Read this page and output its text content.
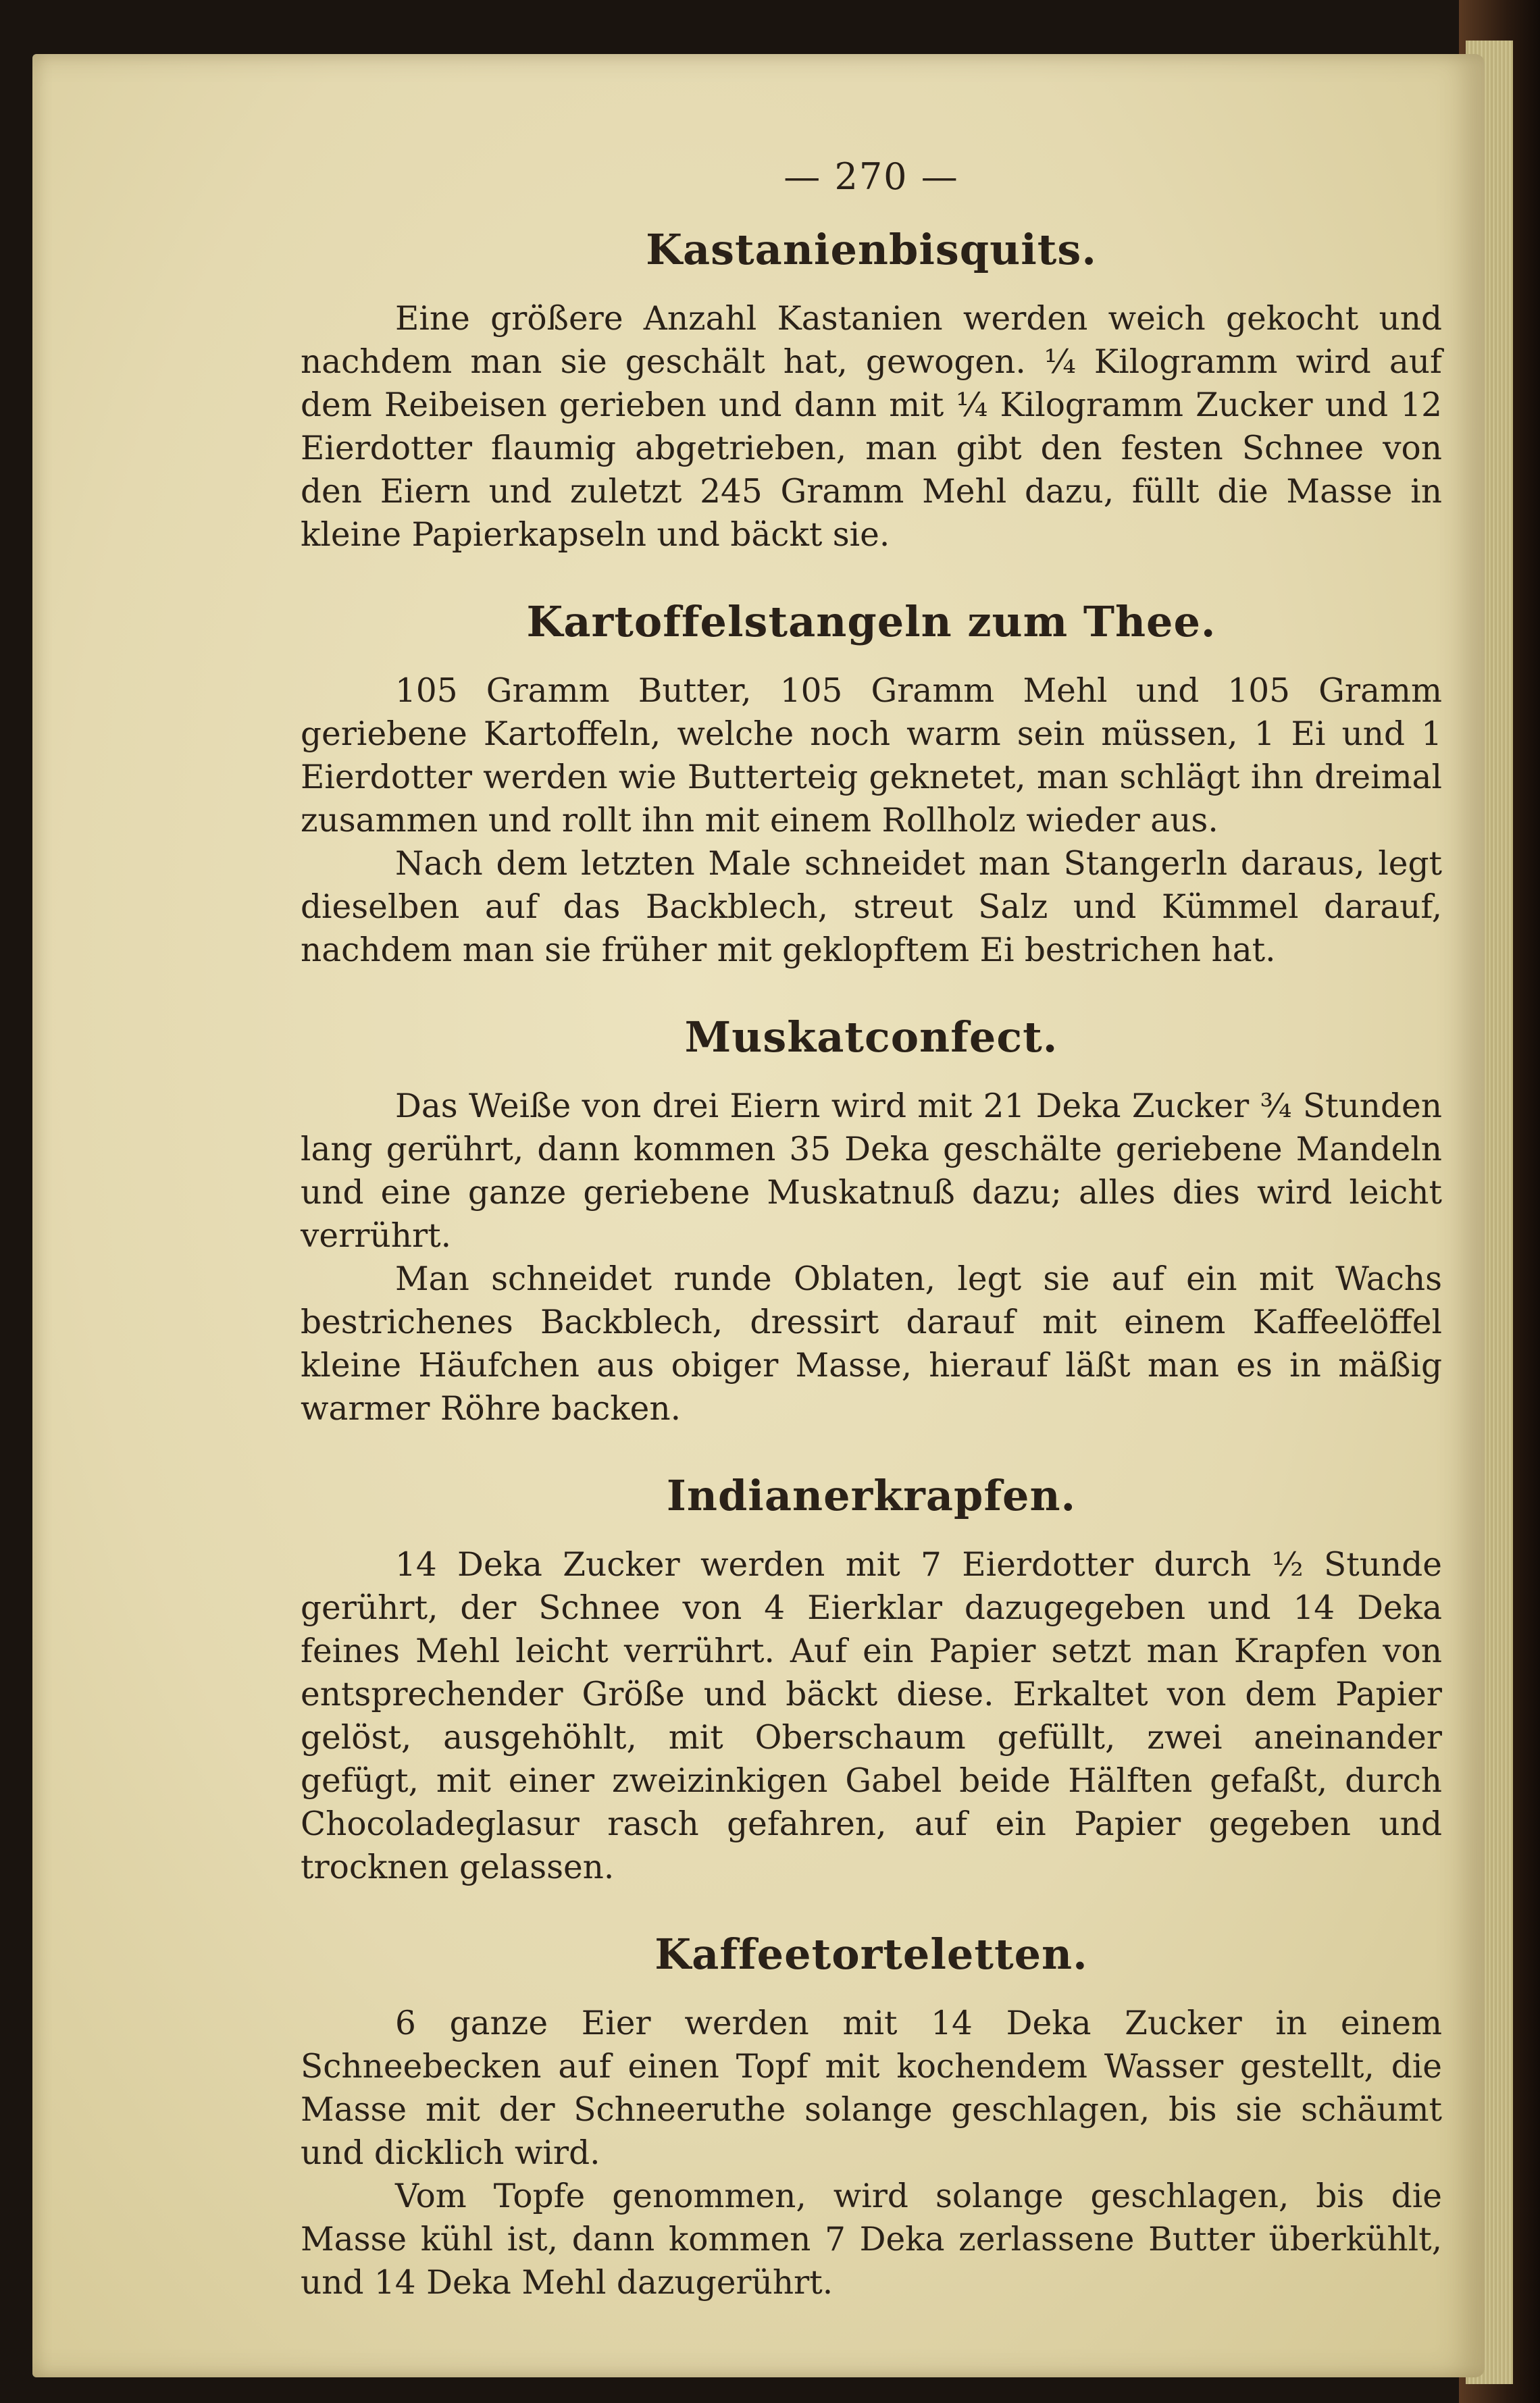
— 270 —
Kastanienbisquits.

Eine größere Anzahl Kastanien werden weich gekocht und nachdem man sie geschält hat, gewogen. ¼ Kilogramm wird auf dem Reibeisen gerieben und dann mit ¼ Kilogramm Zucker und 12 Eierdotter flaumig abgetrieben, man gibt den festen Schnee von den Eiern und zuletzt 245 Gramm Mehl dazu, füllt die Masse in kleine Papierkapseln und bäckt sie.

Kartoffelstangeln zum Thee.

105 Gramm Butter, 105 Gramm Mehl und 105 Gramm geriebene Kartoffeln, welche noch warm sein müssen, 1 Ei und 1 Eierdotter werden wie Butterteig geknetet, man schlägt ihn dreimal zusammen und rollt ihn mit einem Rollholz wieder aus.

Nach dem letzten Male schneidet man Stangerln daraus, legt dieselben auf das Backblech, streut Salz und Kümmel darauf, nachdem man sie früher mit geklopftem Ei bestrichen hat.

Muskatconfect.

Das Weiße von drei Eiern wird mit 21 Deka Zucker ¾ Stunden lang gerührt, dann kommen 35 Deka geschälte geriebene Mandeln und eine ganze geriebene Muskatnuß dazu; alles dies wird leicht verrührt.

Man schneidet runde Oblaten, legt sie auf ein mit Wachs bestrichenes Backblech, dressirt darauf mit einem Kaffeelöffel kleine Häufchen aus obiger Masse, hierauf läßt man es in mäßig warmer Röhre backen.

Indianerkrapfen.

14 Deka Zucker werden mit 7 Eierdotter durch ½ Stunde gerührt, der Schnee von 4 Eierklar dazugegeben und 14 Deka feines Mehl leicht verrührt. Auf ein Papier setzt man Krapfen von entsprechender Größe und bäckt diese. Erkaltet von dem Papier gelöst, ausgehöhlt, mit Oberschaum gefüllt, zwei aneinander gefügt, mit einer zweizinkigen Gabel beide Hälften gefaßt, durch Chocoladeglasur rasch gefahren, auf ein Papier gegeben und trocknen gelassen.

Kaffeetorteletten.

6 ganze Eier werden mit 14 Deka Zucker in einem Schneebecken auf einen Topf mit kochendem Wasser gestellt, die Masse mit der Schneeruthe solange geschlagen, bis sie schäumt und dicklich wird.

Vom Topfe genommen, wird solange geschlagen, bis die Masse kühl ist, dann kommen 7 Deka zerlassene Butter überkühlt, und 14 Deka Mehl dazugerührt.
